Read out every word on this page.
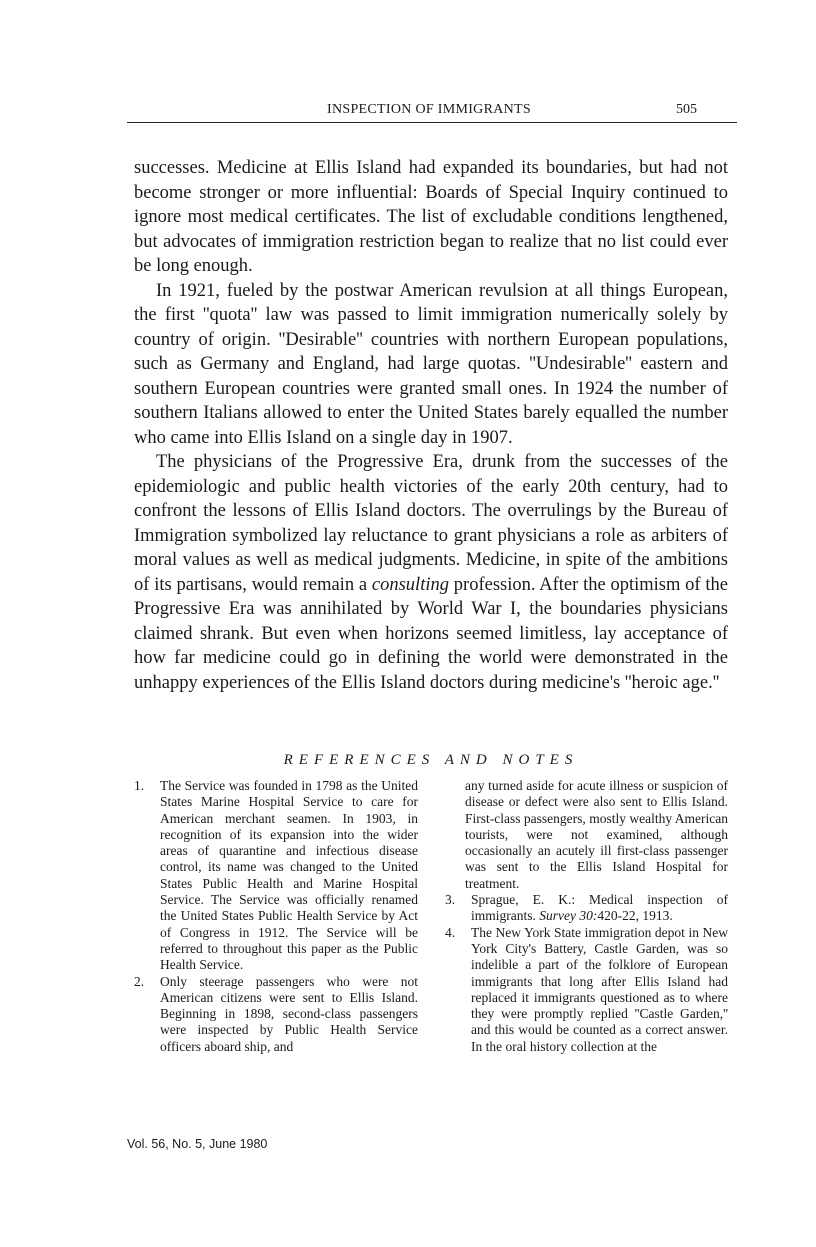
INSPECTION OF IMMIGRANTS	505

successes. Medicine at Ellis Island had expanded its boundaries, but had not become stronger or more influential: Boards of Special Inquiry continued to ignore most medical certificates. The list of excludable conditions lengthened, but advocates of immigration restriction began to realize that no list could ever be long enough.

In 1921, fueled by the postwar American revulsion at all things European, the first ''quota'' law was passed to limit immigration numerically solely by country of origin. ''Desirable'' countries with northern European populations, such as Germany and England, had large quotas. ''Undesirable'' eastern and southern European countries were granted small ones. In 1924 the number of southern Italians allowed to enter the United States barely equalled the number who came into Ellis Island on a single day in 1907.

The physicians of the Progressive Era, drunk from the successes of the epidemiologic and public health victories of the early 20th century, had to confront the lessons of Ellis Island doctors. The overrulings by the Bureau of Immigration symbolized lay reluctance to grant physicians a role as arbiters of moral values as well as medical judgments. Medicine, in spite of the ambitions of its partisans, would remain a consulting profession. After the optimism of the Progressive Era was annihilated by World War I, the boundaries physicians claimed shrank. But even when horizons seemed limitless, lay acceptance of how far medicine could go in defining the world were demonstrated in the unhappy experiences of the Ellis Island doctors during medicine's ''heroic age.''

REFERENCES AND NOTES
1.	The Service was founded in 1798 as the United States Marine Hospital Service to care for American merchant seamen. In 1903, in recognition of its expansion into the wider areas of quarantine and infectious disease control, its name was changed to the United States Public Health and Marine Hospital Service. The Service was officially renamed the United States Public Health Service by Act of Congress in 1912. The Service will be referred to throughout this paper as the Public Health Service.
2.	Only steerage passengers who were not American citizens were sent to Ellis Island. Beginning in 1898, second-class passengers were inspected by Public Health Service officers aboard ship, and
any turned aside for acute illness or suspicion of disease or defect were also sent to Ellis Island. First-class passengers, mostly wealthy American tourists, were not examined, although occasionally an acutely ill first-class passenger was sent to the Ellis Island Hospital for treatment.
3.	Sprague, E. K.: Medical inspection of immigrants. Survey 30:420-22, 1913.
4.	The New York State immigration depot in New York City's Battery, Castle Garden, was so indelible a part of the folklore of European immigrants that long after Ellis Island had replaced it immigrants questioned as to where they were promptly replied ''Castle Garden,'' and this would be counted as a correct answer. In the oral history collection at the
Vol. 56, No. 5, June 1980
